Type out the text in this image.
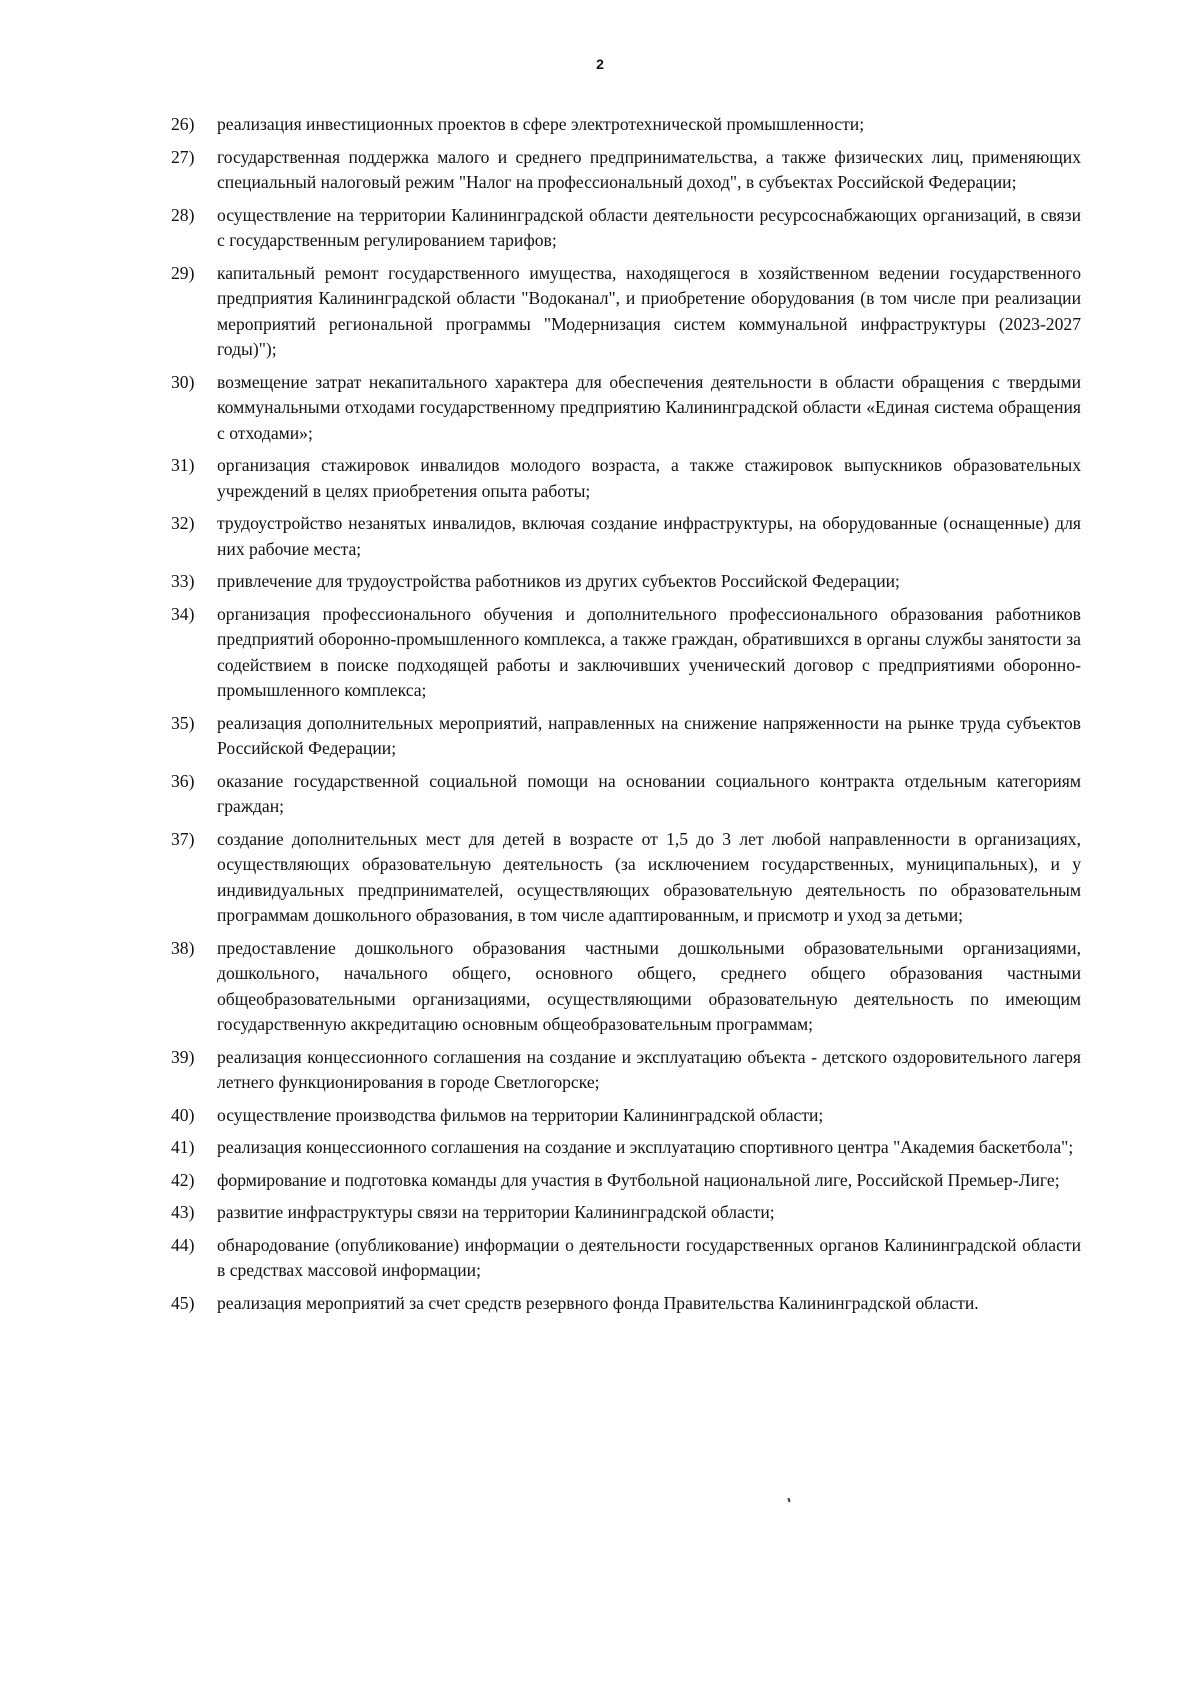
2
26)	реализация инвестиционных проектов в сфере электротехнической промышленности;
27)	государственная поддержка малого и среднего предпринимательства, а также физических лиц, применяющих специальный налоговый режим "Налог на профессиональный доход", в субъектах Российской Федерации;
28)	осуществление на территории Калининградской области деятельности ресурсоснабжающих организаций, в связи с государственным регулированием тарифов;
29)	капитальный ремонт государственного имущества, находящегося в хозяйственном ведении государственного предприятия Калининградской области "Водоканал", и приобретение оборудования (в том числе при реализации мероприятий региональной программы "Модернизация систем коммунальной инфраструктуры (2023-2027 годы)");
30)	возмещение затрат некапитального характера для обеспечения деятельности в области обращения с твердыми коммунальными отходами государственному предприятию Калининградской области «Единая система обращения с отходами»;
31)	организация стажировок инвалидов молодого возраста, а также стажировок выпускников образовательных учреждений в целях приобретения опыта работы;
32)	трудоустройство незанятых инвалидов, включая создание инфраструктуры, на оборудованные (оснащенные) для них рабочие места;
33)	привлечение для трудоустройства работников из других субъектов Российской Федерации;
34)	организация профессионального обучения и дополнительного профессионального образования работников предприятий оборонно-промышленного комплекса, а также граждан, обратившихся в органы службы занятости за содействием в поиске подходящей работы и заключивших ученический договор с предприятиями оборонно-промышленного комплекса;
35)	реализация дополнительных мероприятий, направленных на снижение напряженности на рынке труда субъектов Российской Федерации;
36)	оказание государственной социальной помощи на основании социального контракта отдельным категориям граждан;
37)	создание дополнительных мест для детей в возрасте от 1,5 до 3 лет любой направленности в организациях, осуществляющих образовательную деятельность (за исключением государственных, муниципальных), и у индивидуальных предпринимателей, осуществляющих образовательную деятельность по образовательным программам дошкольного образования, в том числе адаптированным, и присмотр и уход за детьми;
38)	предоставление дошкольного образования частными дошкольными образовательными организациями, дошкольного, начального общего, основного общего, среднего общего образования частными общеобразовательными организациями, осуществляющими образовательную деятельность по имеющим государственную аккредитацию основным общеобразовательным программам;
39)	реализация концессионного соглашения на создание и эксплуатацию объекта - детского оздоровительного лагеря летнего функционирования в городе Светлогорске;
40)	осуществление производства фильмов на территории Калининградской области;
41)	реализация концессионного соглашения на создание и эксплуатацию спортивного центра "Академия баскетбола";
42)	формирование и подготовка команды для участия в Футбольной национальной лиге, Российской Премьер-Лиге;
43)	развитие инфраструктуры связи на территории Калининградской области;
44)	обнародование (опубликование) информации о деятельности государственных органов Калининградской области в средствах массовой информации;
45)	реализация мероприятий за счет средств резервного фонда Правительства Калининградской области.
